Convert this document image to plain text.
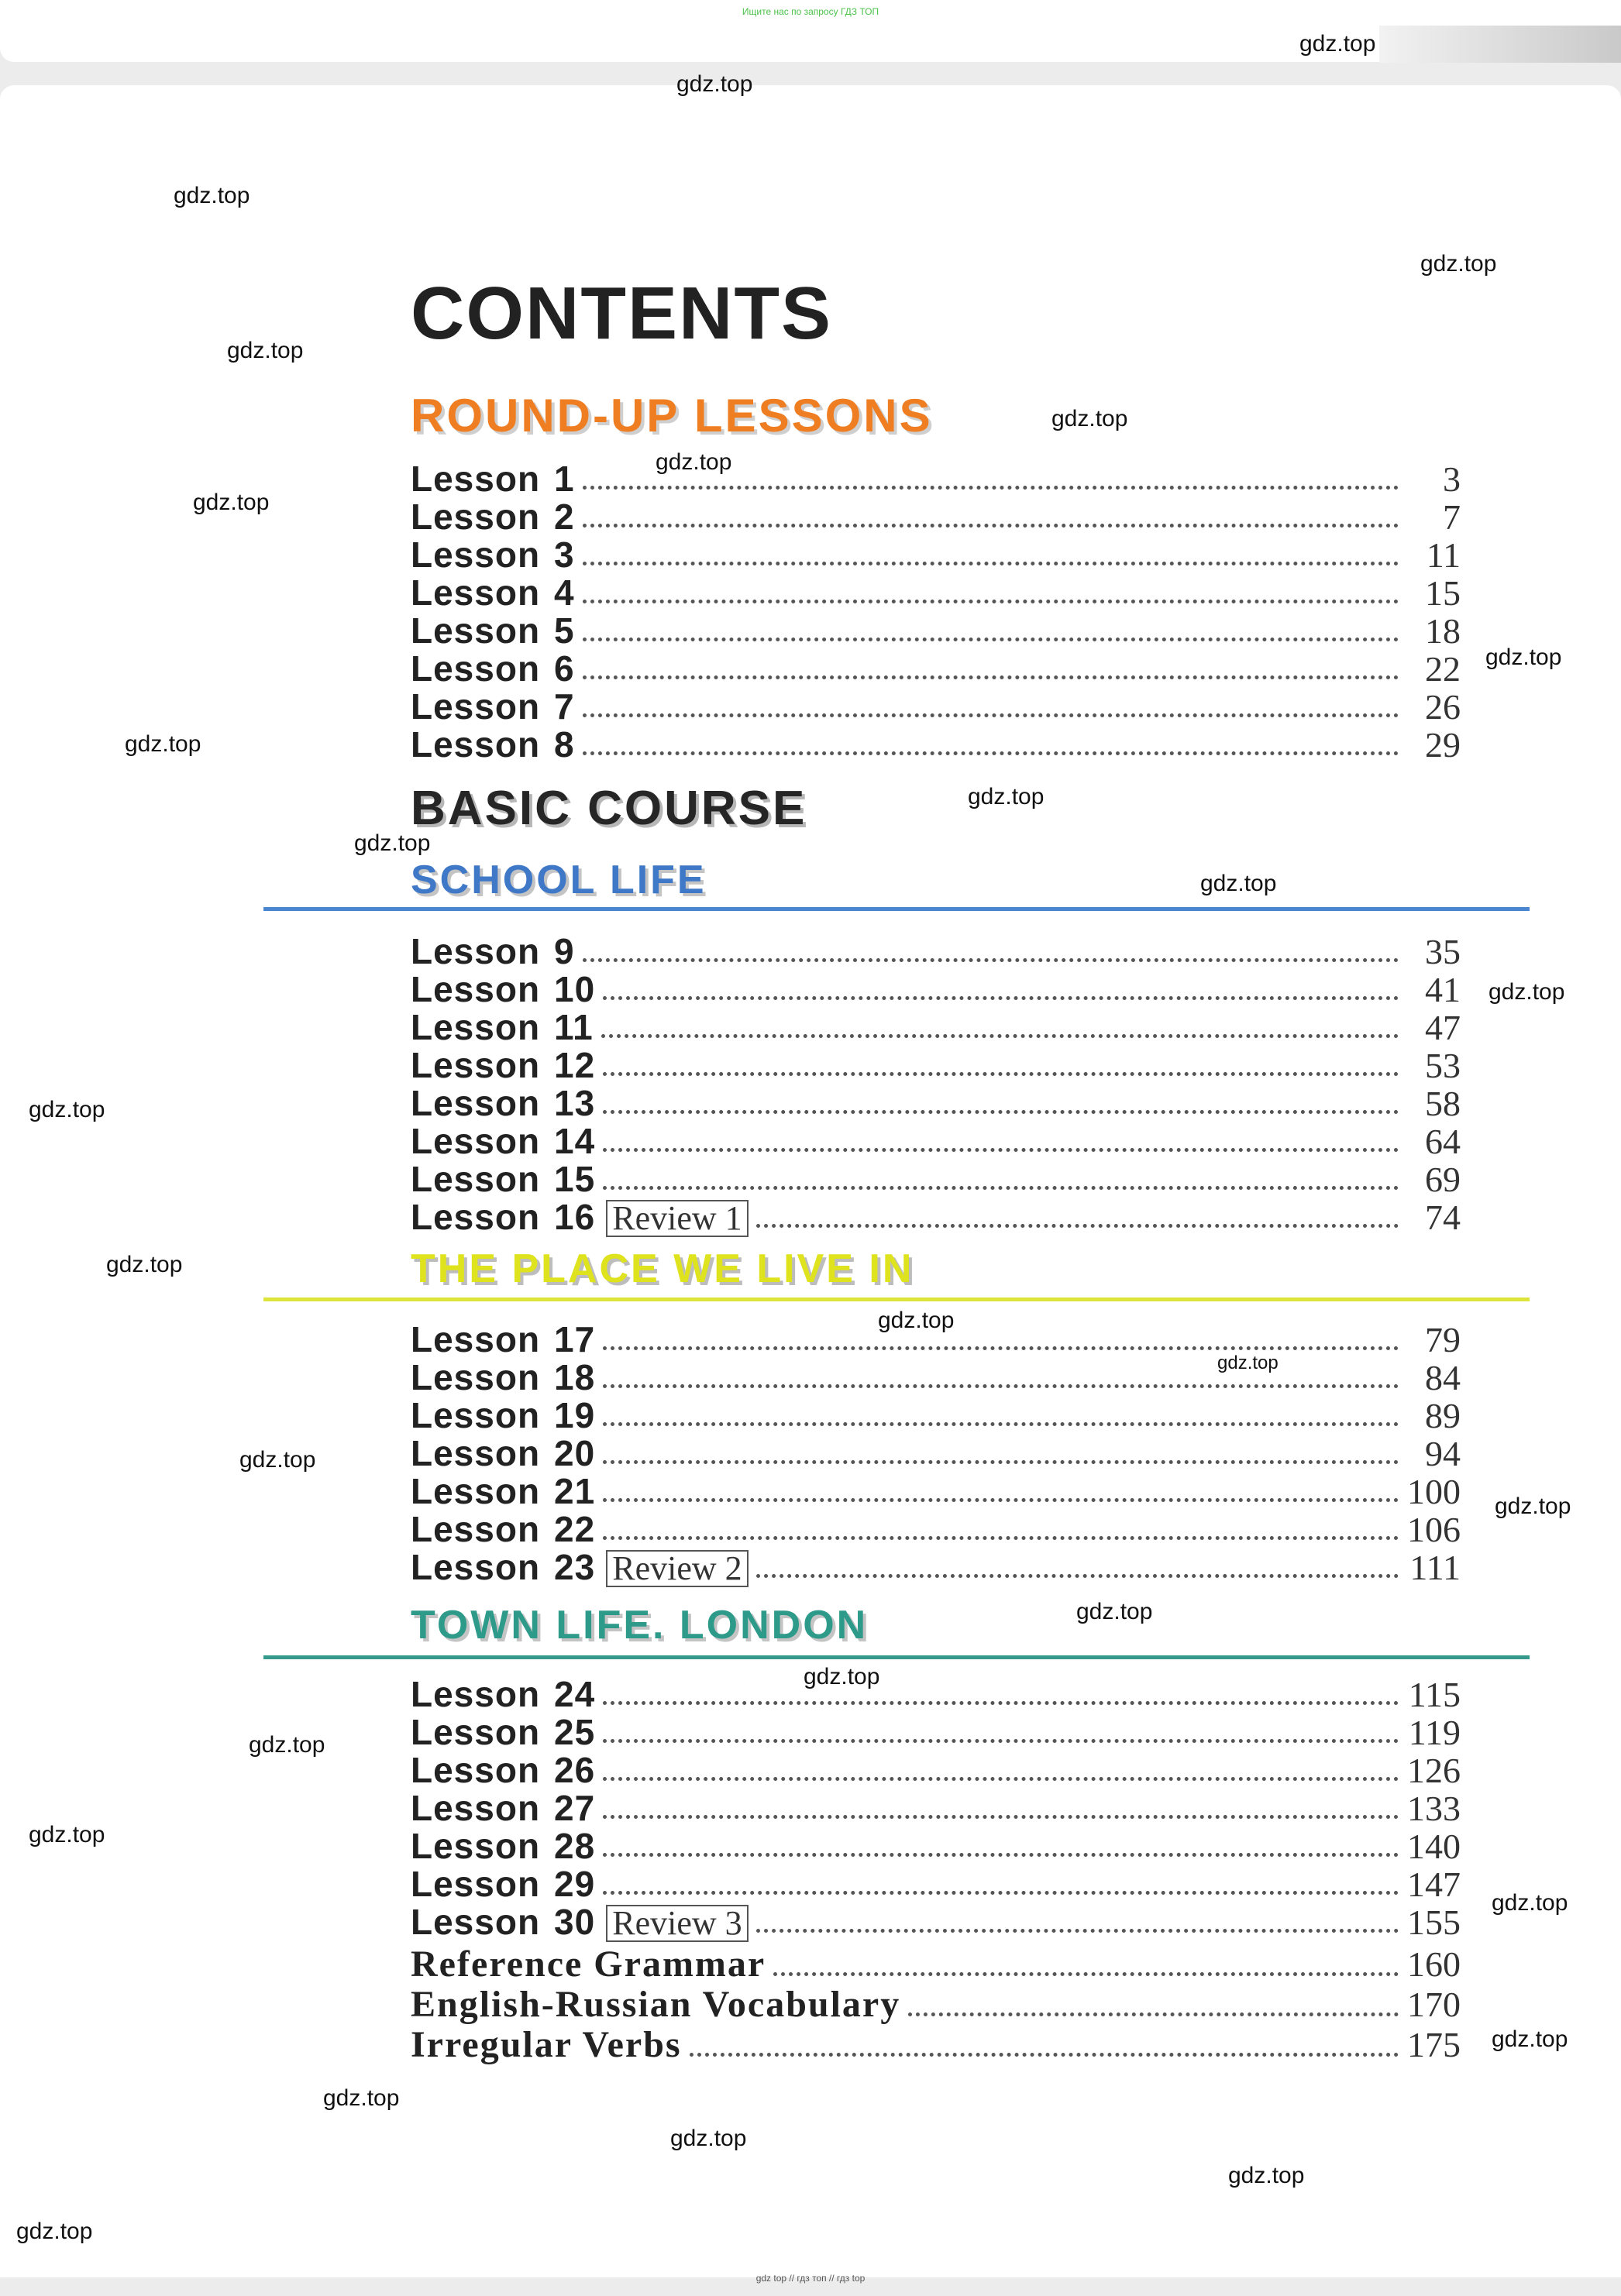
Ищите нас по запросу ГДЗ ТОП
gdz.top
gdz.top
gdz.top
gdz.top
gdz.top
gdz.top
gdz.top
gdz.top
gdz.top
gdz.top
gdz.top
gdz.top
gdz.top
gdz.top
gdz.top
gdz.top
gdz.top
gdz.top
gdz.top
gdz.top
gdz.top
gdz.top
gdz.top
gdz.top
gdz.top
gdz.top
gdz.top
gdz.top
gdz.top
gdz.top
CONTENTS
ROUND-UP LESSONS
Lesson 1	3
Lesson 2	7
Lesson 3	11
Lesson 4	15
Lesson 5	18
Lesson 6	22
Lesson 7	26
Lesson 8	29
BASIC COURSE
SCHOOL LIFE
Lesson 9	35
Lesson 10	41
Lesson 11	47
Lesson 12	53
Lesson 13	58
Lesson 14	64
Lesson 15	69
Lesson 16 Review 1	74
THE PLACE WE LIVE IN
Lesson 17	79
Lesson 18	84
Lesson 19	89
Lesson 20	94
Lesson 21	100
Lesson 22	106
Lesson 23 Review 2	111
TOWN LIFE. LONDON
Lesson 24	115
Lesson 25	119
Lesson 26	126
Lesson 27	133
Lesson 28	140
Lesson 29	147
Lesson 30 Review 3	155
Reference Grammar	160
English-Russian Vocabulary	170
Irregular Verbs	175
gdz top // гдз топ // гдз top
